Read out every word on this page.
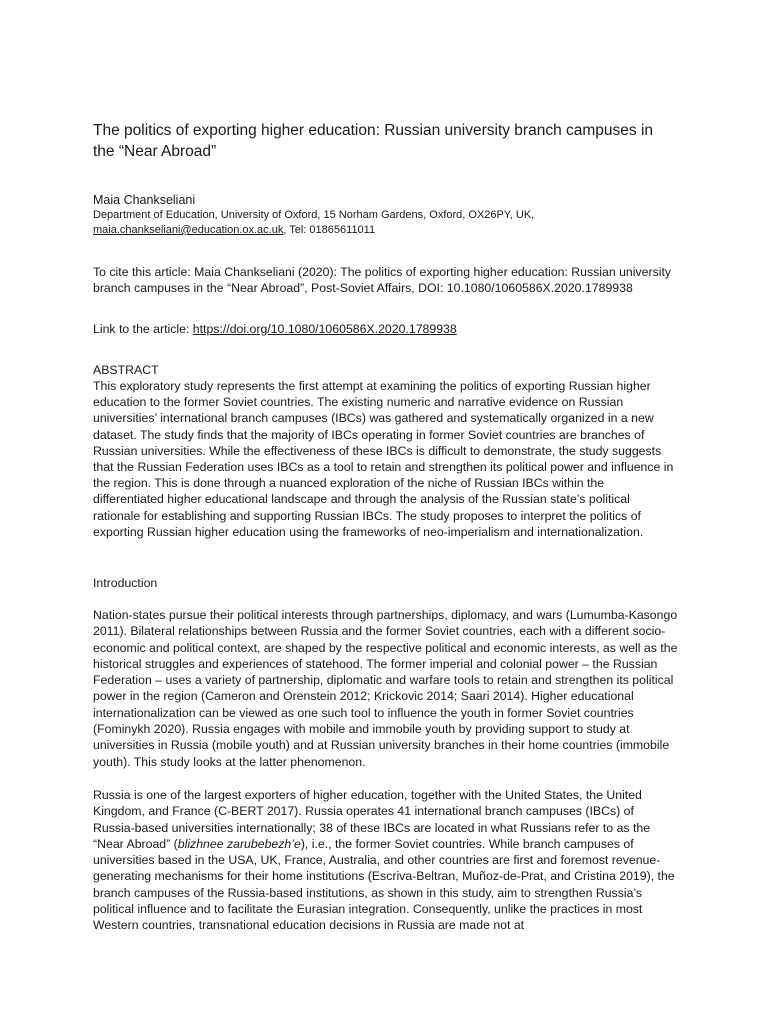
The politics of exporting higher education: Russian university branch campuses in the “Near Abroad”
Maia Chankseliani
Department of Education, University of Oxford, 15 Norham Gardens, Oxford, OX26PY, UK,
maia.chankseliani@education.ox.ac.uk, Tel: 01865611011
To cite this article: Maia Chankseliani (2020): The politics of exporting higher education: Russian university branch campuses in the “Near Abroad”, Post-Soviet Affairs, DOI: 10.1080/1060586X.2020.1789938
Link to the article: https://doi.org/10.1080/1060586X.2020.1789938
ABSTRACT

This exploratory study represents the first attempt at examining the politics of exporting Russian higher education to the former Soviet countries. The existing numeric and narrative evidence on Russian universities’ international branch campuses (IBCs) was gathered and systematically organized in a new dataset. The study finds that the majority of IBCs operating in former Soviet countries are branches of Russian universities. While the effectiveness of these IBCs is difficult to demonstrate, the study suggests that the Russian Federation uses IBCs as a tool to retain and strengthen its political power and influence in the region. This is done through a nuanced exploration of the niche of Russian IBCs within the differentiated higher educational landscape and through the analysis of the Russian state’s political rationale for establishing and supporting Russian IBCs. The study proposes to interpret the politics of exporting Russian higher education using the frameworks of neo-imperialism and internationalization.

Introduction

Nation-states pursue their political interests through partnerships, diplomacy, and wars (Lumumba-Kasongo 2011). Bilateral relationships between Russia and the former Soviet countries, each with a different socio-economic and political context, are shaped by the respective political and economic interests, as well as the historical struggles and experiences of statehood. The former imperial and colonial power – the Russian Federation – uses a variety of partnership, diplomatic and warfare tools to retain and strengthen its political power in the region (Cameron and Orenstein 2012; Krickovic 2014; Saari 2014). Higher educational internationalization can be viewed as one such tool to influence the youth in former Soviet countries (Fominykh 2020). Russia engages with mobile and immobile youth by providing support to study at universities in Russia (mobile youth) and at Russian university branches in their home countries (immobile youth). This study looks at the latter phenomenon.

Russia is one of the largest exporters of higher education, together with the United States, the United Kingdom, and France (C-BERT 2017). Russia operates 41 international branch campuses (IBCs) of Russia-based universities internationally; 38 of these IBCs are located in what Russians refer to as the “Near Abroad” (blizhnee zarubebezh’e), i.e., the former Soviet countries. While branch campuses of universities based in the USA, UK, France, Australia, and other countries are first and foremost revenue-generating mechanisms for their home institutions (Escriva-Beltran, Muñoz-de-Prat, and Cristina 2019), the branch campuses of the Russia-based institutions, as shown in this study, aim to strengthen Russia’s political influence and to facilitate the Eurasian integration. Consequently, unlike the practices in most Western countries, transnational education decisions in Russia are made not at
